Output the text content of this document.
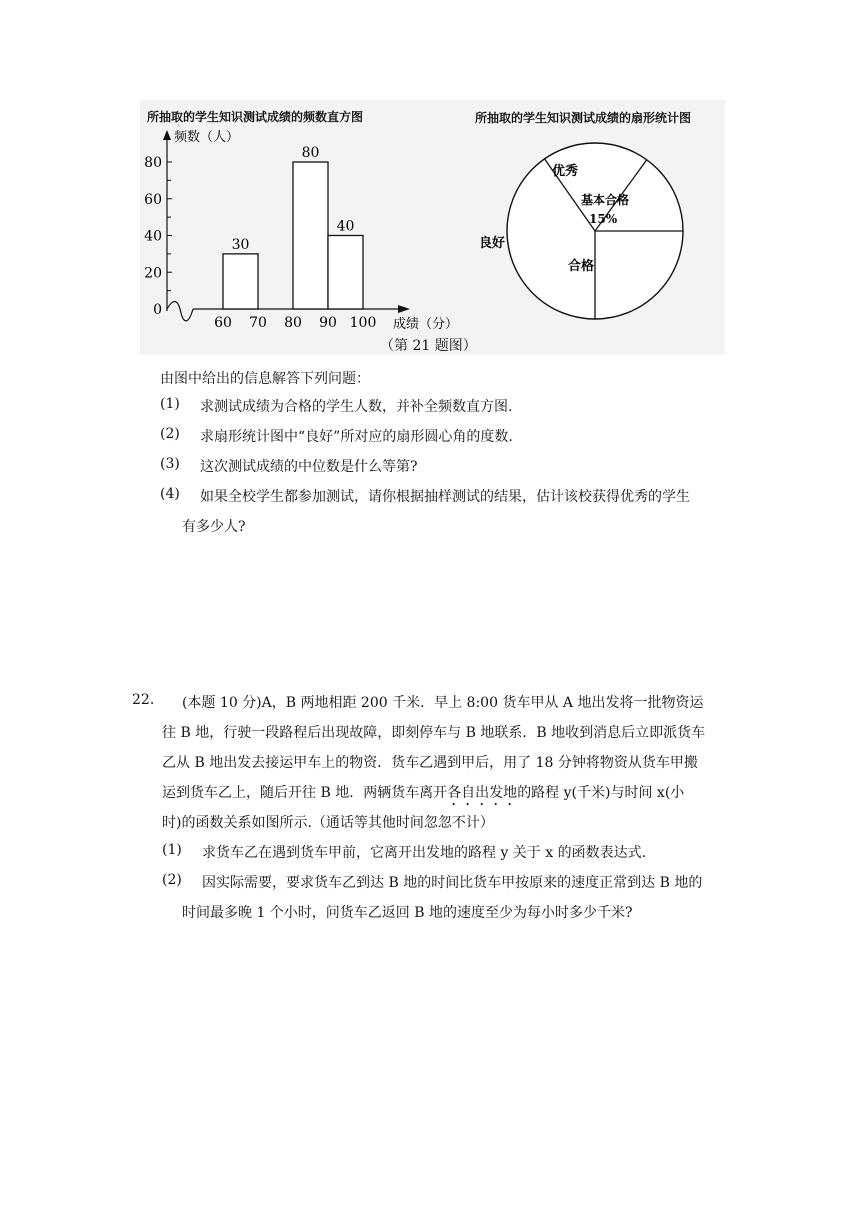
所抽取的学生知识测试成绩的频数直方图
0
20
40
60
80
频数（人）
60 70 80 90 100 成绩（分）
30
80
40
所抽取的学生知识测试成绩的扇形统计图
优秀
基本合格
15%
合格
良好
（第 21 题图）
由图中给出的信息解答下列问题：
(1) 求测试成绩为合格的学生人数，并补全频数直方图.
(2) 求扇形统计图中“良好”所对应的扇形圆心角的度数.
(3) 这次测试成绩的中位数是什么等第?
(4) 如果全校学生都参加测试，请你根据抽样测试的结果，估计该校获得优秀的学生
有多少人?
22. (本题 10 分)A，B 两地相距 200 千米．早上 8:00 货车甲从 A 地出发将一批物资运
往 B 地，行驶一段路程后出现故障，即刻停车与 B 地联系．B 地收到消息后立即派货车
乙从 B 地出发去接运甲车上的物资．货车乙遇到甲后，用了 18 分钟将物资从货车甲搬
运到货车乙上，随后开往 B 地．两辆货车离开各自出发地的路程 y(千米)与时间 x(小
时)的函数关系如图所示.（通话等其他时间忽忽不计）
(1) 求货车乙在遇到货车甲前，它离开出发地的路程 y 关于 x 的函数表达式.
(2) 因实际需要，要求货车乙到达 B 地的时间比货车甲按原来的速度正常到达 B 地的
时间最多晚 1 个小时，问货车乙返回 B 地的速度至少为每小时多少千米?
